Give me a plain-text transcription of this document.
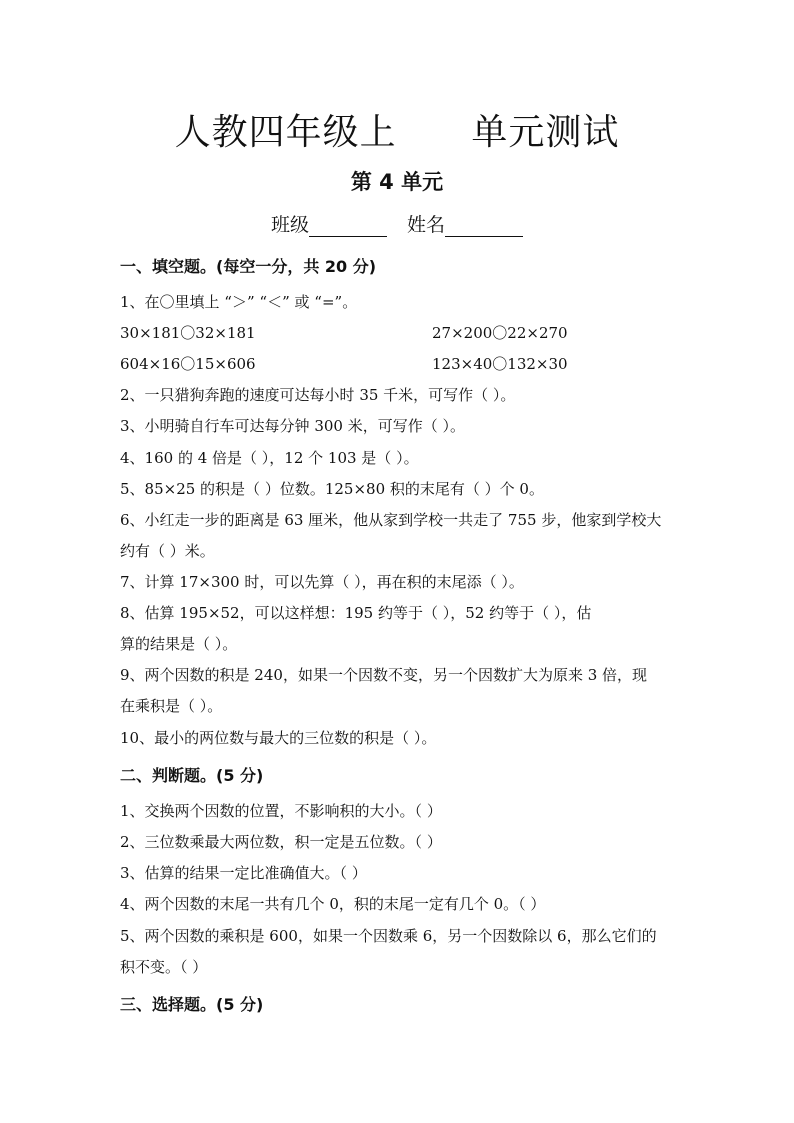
人教四年级上      单元测试
第 4 单元
班级	姓名
一、填空题。(每空一分，共 20 分)
1、在〇里填上 “＞” “＜” 或 “=”。
30×181〇32×181	27×200〇22×270
604×16〇15×606	123×40〇132×30
2、一只猎狗奔跑的速度可达每小时 35 千米，可写作（ ）。
3、小明骑自行车可达每分钟 300 米，可写作（ ）。
4、160 的 4 倍是（ ），12 个 103 是（ ）。
5、85×25 的积是（ ）位数。125×80 积的末尾有（ ）个 0。
6、小红走一步的距离是 63 厘米，他从家到学校一共走了 755 步，他家到学校大
约有（ ）米。
7、计算 17×300 时，可以先算（ ），再在积的末尾添（ ）。
8、估算 195×52，可以这样想：195 约等于（ ），52 约等于（ ），估
算的结果是（ ）。
9、两个因数的积是 240，如果一个因数不变，另一个因数扩大为原来 3 倍，现
在乘积是（ ）。
10、最小的两位数与最大的三位数的积是（ ）。
二、判断题。(5 分)
1、交换两个因数的位置，不影响积的大小。（ ）
2、三位数乘最大两位数，积一定是五位数。（ ）
3、估算的结果一定比准确值大。（ ）
4、两个因数的末尾一共有几个 0，积的末尾一定有几个 0。（ ）
5、两个因数的乘积是 600，如果一个因数乘 6，另一个因数除以 6，那么它们的
积不变。（ ）
三、选择题。(5 分)
